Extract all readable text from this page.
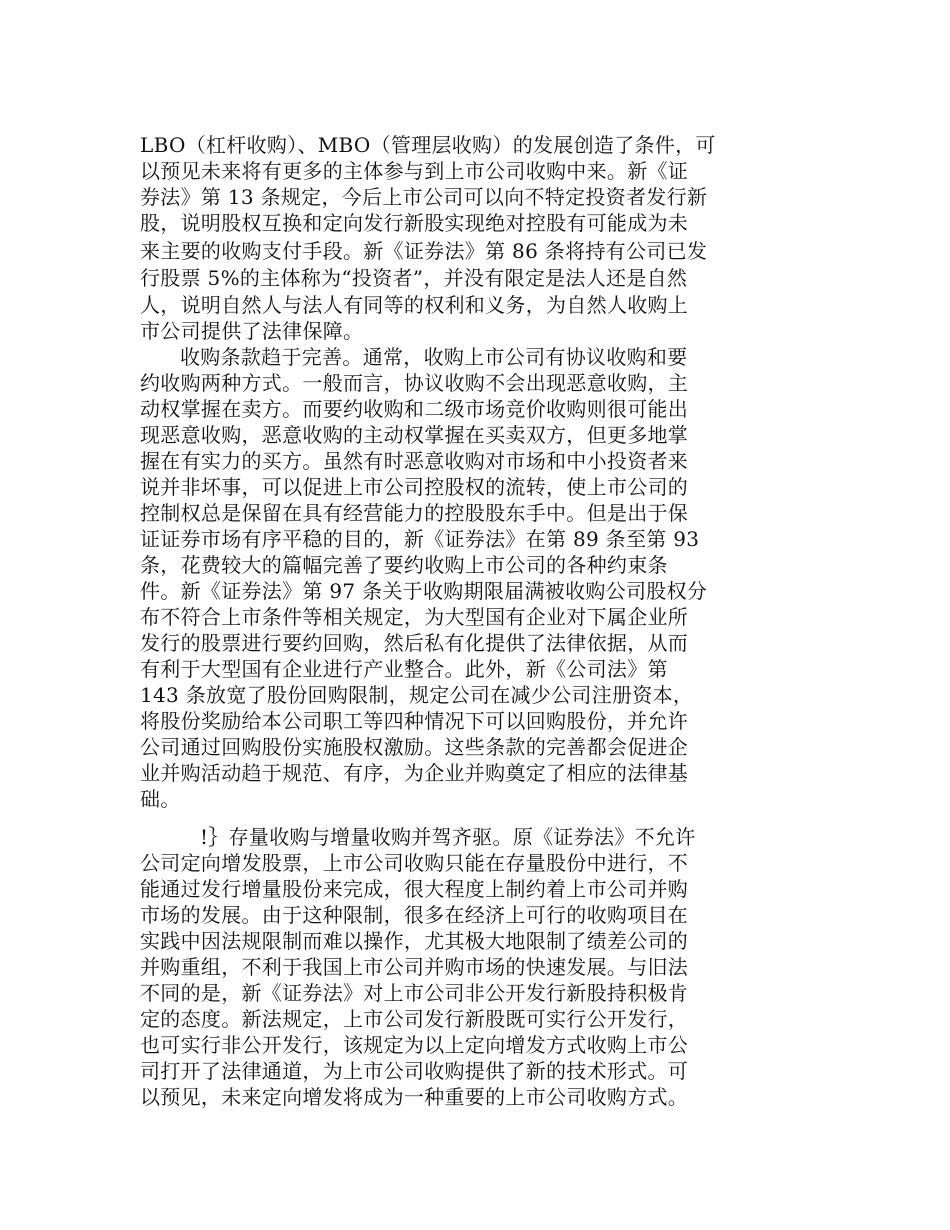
LBO（杠杆收购）、MBO（管理层收购）的发展创造了条件，可
以预见未来将有更多的主体参与到上市公司收购中来。新《证
券法》第 13 条规定，今后上市公司可以向不特定投资者发行新
股，说明股权互换和定向发行新股实现绝对控股有可能成为未
来主要的收购支付手段。新《证券法》第 86 条将持有公司已发
行股票 5%的主体称为“投资者”，并没有限定是法人还是自然
人，说明自然人与法人有同等的权利和义务，为自然人收购上
市公司提供了法律保障。
收购条款趋于完善。通常，收购上市公司有协议收购和要
约收购两种方式。一般而言，协议收购不会出现恶意收购，主
动权掌握在卖方。而要约收购和二级市场竞价收购则很可能出
现恶意收购，恶意收购的主动权掌握在买卖双方，但更多地掌
握在有实力的买方。虽然有时恶意收购对市场和中小投资者来
说并非坏事，可以促进上市公司控股权的流转，使上市公司的
控制权总是保留在具有经营能力的控股股东手中。但是出于保
证证券市场有序平稳的目的，新《证券法》在第 89 条至第 93
条，花费较大的篇幅完善了要约收购上市公司的各种约束条
件。新《证券法》第 97 条关于收购期限届满被收购公司股权分
布不符合上市条件等相关规定，为大型国有企业对下属企业所
发行的股票进行要约回购，然后私有化提供了法律依据，从而
有利于大型国有企业进行产业整合。此外，新《公司法》第
143 条放宽了股份回购限制，规定公司在减少公司注册资本，
将股份奖励给本公司职工等四种情况下可以回购股份，并允许
公司通过回购股份实施股权激励。这些条款的完善都会促进企
业并购活动趋于规范、有序，为企业并购奠定了相应的法律基
础。
!｝存量收购与增量收购并驾齐驱。原《证券法》不允许
公司定向增发股票，上市公司收购只能在存量股份中进行，不
能通过发行增量股份来完成，很大程度上制约着上市公司并购
市场的发展。由于这种限制，很多在经济上可行的收购项目在
实践中因法规限制而难以操作，尤其极大地限制了绩差公司的
并购重组，不利于我国上市公司并购市场的快速发展。与旧法
不同的是，新《证券法》对上市公司非公开发行新股持积极肯
定的态度。新法规定，上市公司发行新股既可实行公开发行，
也可实行非公开发行，该规定为以上定向增发方式收购上市公
司打开了法律通道，为上市公司收购提供了新的技术形式。可
以预见，未来定向增发将成为一种重要的上市公司收购方式。
